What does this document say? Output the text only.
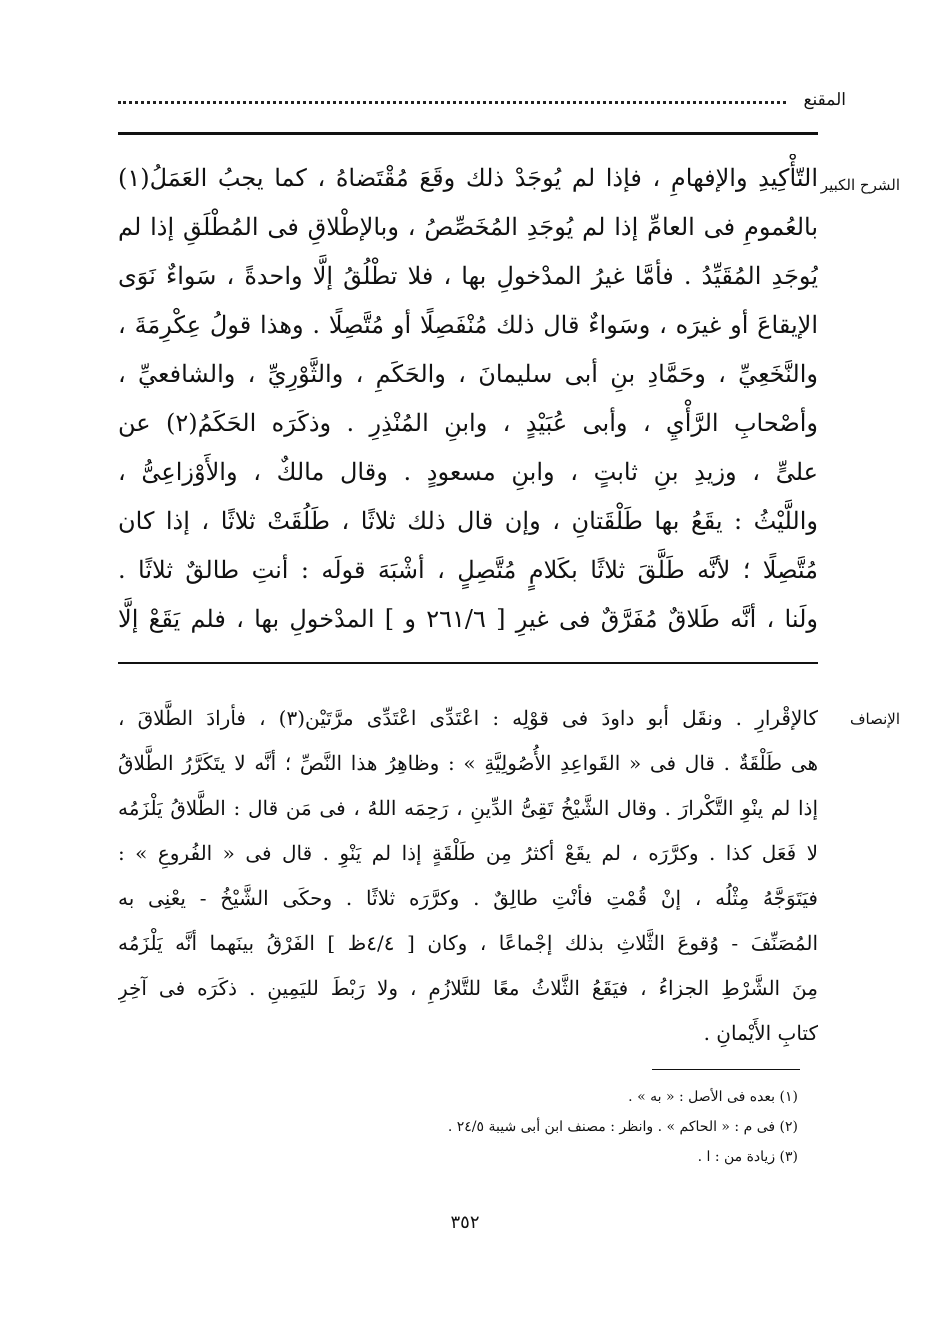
المقنع
الشرح الكبير
التّأْكِيدِ والإفهامِ ، فإذا لم يُوجَدْ ذلك وقَعَ مُقْتَضاهُ ، كما يجبُ العَمَلُ(١)
بالعُمومِ فى العامِّ إذا لم يُوجَدِ المُخَصِّصُ ، وبالإطْلاقِ فى المُطْلَقِ إذا لم
يُوجَدِ المُقَيِّدُ . فأمَّا غيرُ المدْخولِ بها ، فلا تطْلُقُ إلَّا واحدةً ، سَواءٌ نَوَى
الإيقاعَ أو غيرَه ، وسَواءٌ قال ذلك مُنْفَصِلًا أو مُتَّصِلًا . وهذا قولُ عِكْرِمَةَ ،
والنَّخَعِيِّ ، وحَمَّادِ بنِ أبى سليمانَ ، والحَكَمِ ، والثَّوْرِيِّ ، والشافعيِّ ،
وأصْحابِ الرَّأْيِ ، وأبى عُبَيْدٍ ، وابنِ المُنْذِرِ . وذكَرَه الحَكَمُ(٢) عن
علىٍّ ، وزيدِ بنِ ثابتٍ ، وابنِ مسعودٍ . وقال مالكٌ ، والأَوْزاعِىُّ ،
واللَّيْثُ : يقَعُ بها طَلْقَتانِ ، وإن قال ذلك ثلاثًا ، طَلُقَتْ ثلاثًا ، إذا كان
مُتَّصِلًا ؛ لأنَّه طَلَّقَ ثلاثًا بكَلامٍ مُتَّصِلٍ ، أشْبَهَ قولَه : أنتِ طالقٌ ثلاثًا .
ولَنا ، أنَّه طَلاقٌ مُفَرَّقٌ فى غيرِ [ ٢٦١/٦ و ] المدْخولِ بها ، فلم يَقَعْ إلَّا
الإنصاف
كالإقْرارِ . ونقَل أبو داودَ فى قوْلِه : اعْتَدِّى اعْتَدِّى مرَّتَيْن(٣) ، فأرادَ الطَّلاقَ ،
هى طَلْقَةٌ . قال فى « القَواعِدِ الأُصُولِيَّةِ » : وظاهِرُ هذا النَّصِّ ؛ أنَّه لا يتَكَرَّرُ الطَّلاقُ
إذا لم ينْوِ التَّكْرارَ . وقال الشَّيْخُ تَقِىُّ الدِّينِ ، رَحِمَه اللهُ ، فى مَن قال : الطَّلاقُ يَلْزَمُه
لا فَعَل كذا . وكرَّرَه ، لم يقَعْ أكثرُ مِن طَلْقَةٍ إذا لم يَنْوِ . قال فى « الفُروعِ » :
فيَتَوَجَّهُ مِثْلُه ، إنْ قُمْتِ فأنْتِ طالِقٌ . وكرَّرَه ثلاثًا . وحكَى الشَّيْخُ - يعْنِى به
المُصَنِّفَ - وُقوعَ الثَّلاثِ بذلك إجْماعًا ، وكان [ ٤/٤ظ ] الفَرْقُ بينَهما أنَّه يَلْزَمُه
مِنَ الشَّرْطِ الجزاءُ ، فيَقَعُ الثَّلاثُ معًا للتَّلازُمِ ، ولا رَبْطَ لليَمِينِ . ذكَرَه فى آخِرِ
كتابِ الأَيْمانِ .
(١) بعده فى الأصل : « به » .
(٢) فى م : « الحاكم » . وانظر : مصنف ابن أبى شيبة ٢٤/٥ .
(٣) زيادة من : ا .
٣٥٢
